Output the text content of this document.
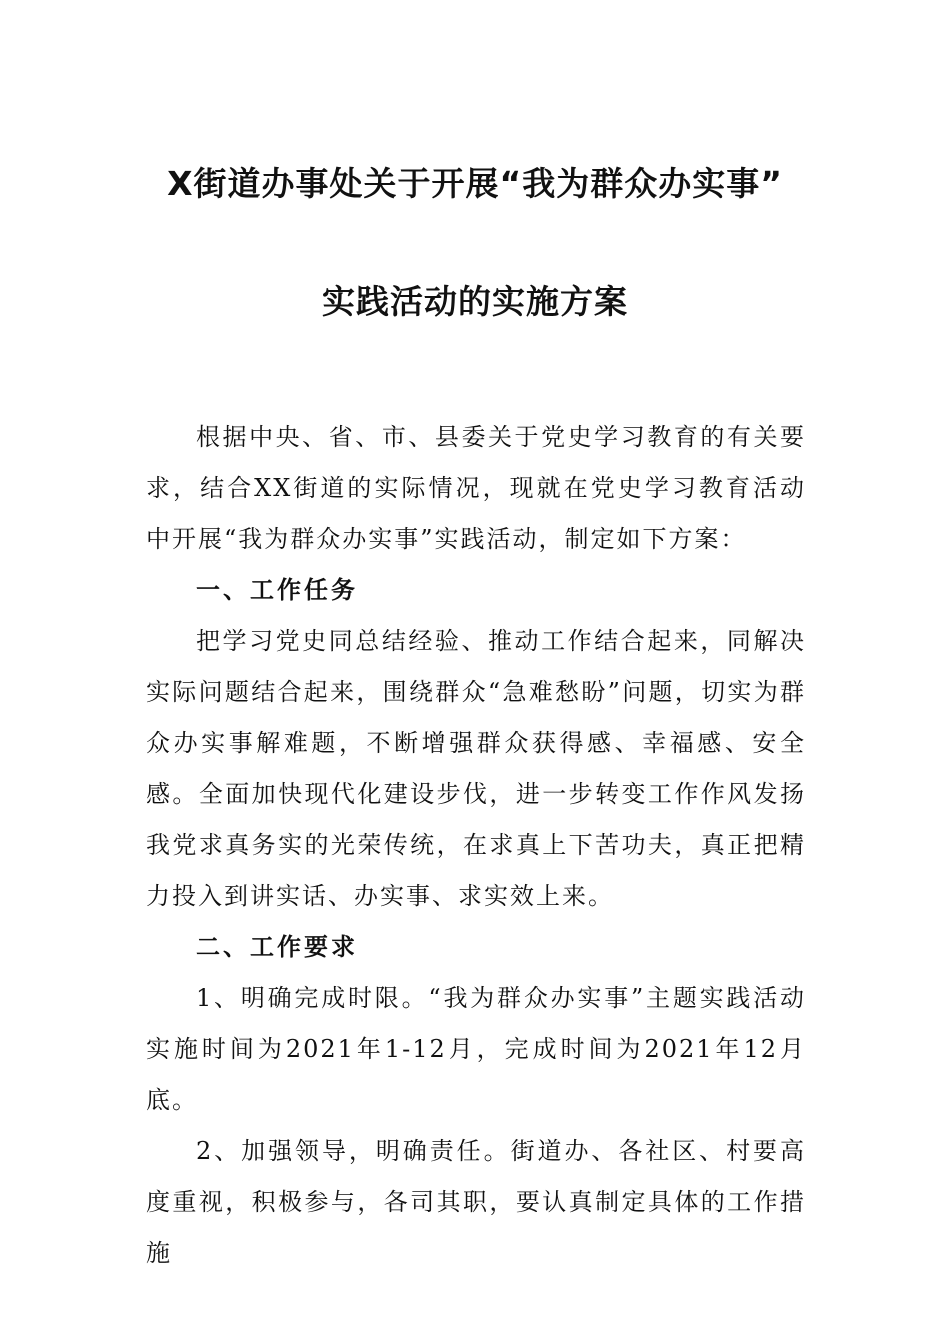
X街道办事处关于开展“我为群众办实事”
实践活动的实施方案

根据中央、省、市、县委关于党史学习教育的有关要求，结合XX街道的实际情况，现就在党史学习教育活动中开展“我为群众办实事”实践活动，制定如下方案：

一、工作任务

把学习党史同总结经验、推动工作结合起来，同解决实际问题结合起来，围绕群众“急难愁盼”问题，切实为群众办实事解难题，不断增强群众获得感、幸福感、安全感。全面加快现代化建设步伐，进一步转变工作作风发扬我党求真务实的光荣传统，在求真上下苦功夫，真正把精力投入到讲实话、办实事、求实效上来。

二、工作要求

1、明确完成时限。“我为群众办实事”主题实践活动实施时间为2021年1-12月，完成时间为2021年12月底。

2、加强领导，明确责任。街道办、各社区、村要高度重视，积极参与，各司其职，要认真制定具体的工作措施
